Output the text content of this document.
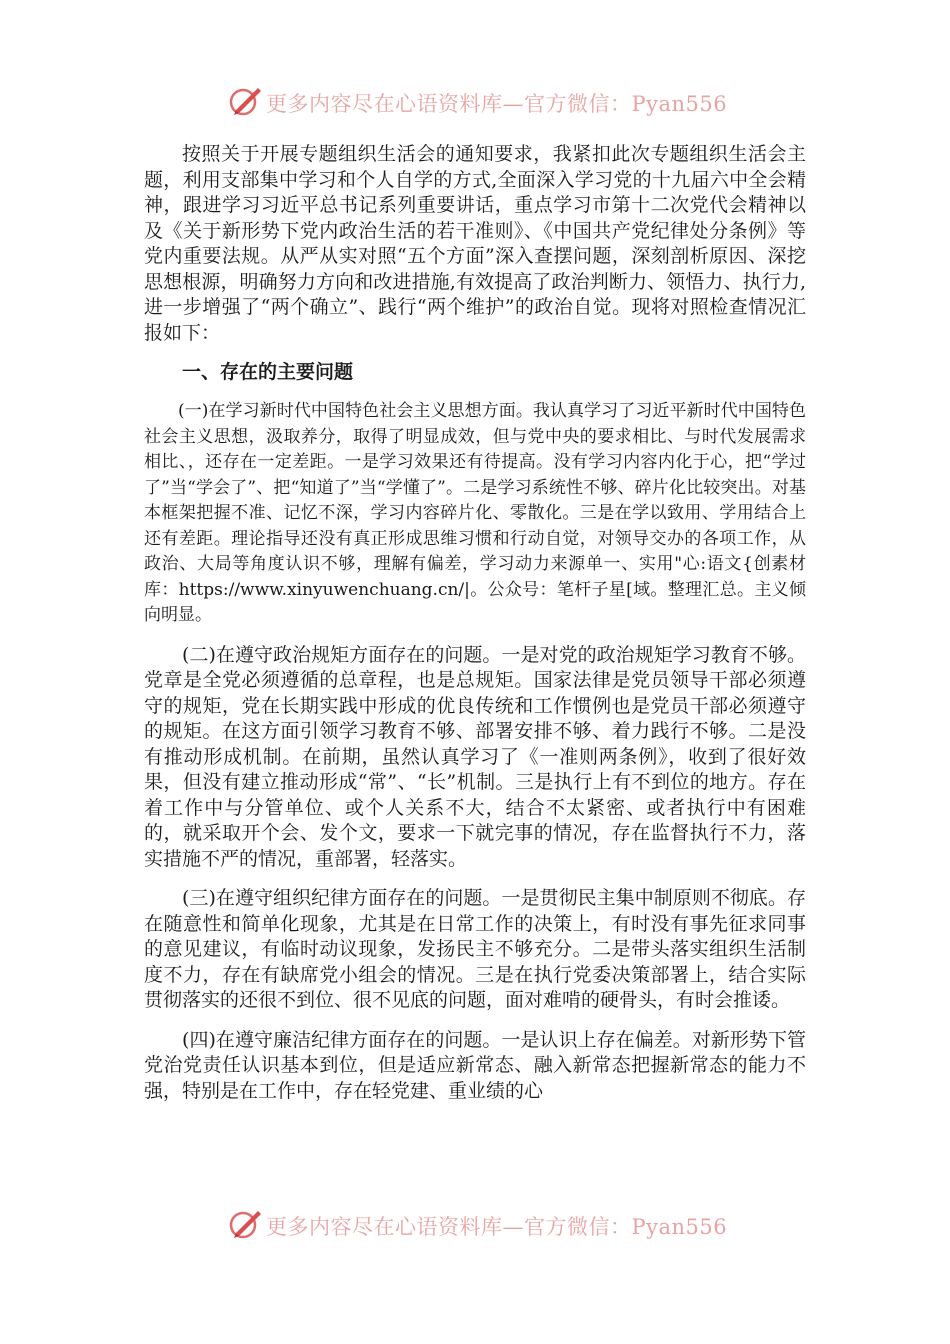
更多内容尽在心语资料库—官方微信：Pyan556

按照关于开展专题组织生活会的通知要求，我紧扣此次专题组织生活会主题，利用支部集中学习和个人自学的方式,全面深入学习党的十九届六中全会精神，跟进学习习近平总书记系列重要讲话，重点学习市第十二次党代会精神以及《关于新形势下党内政治生活的若干准则》、《中国共产党纪律处分条例》等党内重要法规。从严从实对照“五个方面”深入查摆问题，深刻剖析原因、深挖思想根源，明确努力方向和改进措施,有效提高了政治判断力、领悟力、执行力,进一步增强了“两个确立”、践行“两个维护”的政治自觉。现将对照检查情况汇报如下：

一、存在的主要问题

(一)在学习新时代中国特色社会主义思想方面。我认真学习了习近平新时代中国特色社会主义思想，汲取养分，取得了明显成效，但与党中央的要求相比、与时代发展需求相比、，还存在一定差距。一是学习效果还有待提高。没有学习内容内化于心，把“学过了”当“学会了”、把“知道了”当“学懂了”。二是学习系统性不够、碎片化比较突出。对基本框架把握不准、记忆不深，学习内容碎片化、零散化。三是在学以致用、学用结合上还有差距。理论指导还没有真正形成思维习惯和行动自觉，对领导交办的各项工作，从政治、大局等角度认识不够，理解有偏差，学习动力来源单一、实用"心:语文{创素材库：https://www.xinyuwenchuang.cn/|。公众号：笔杆子星[域。整理汇总。主义倾向明显。

(二)在遵守政治规矩方面存在的问题。一是对党的政治规矩学习教育不够。党章是全党必须遵循的总章程，也是总规矩。国家法律是党员领导干部必须遵守的规矩，党在长期实践中形成的优良传统和工作惯例也是党员干部必须遵守的规矩。在这方面引领学习教育不够、部署安排不够、着力践行不够。二是没有推动形成机制。在前期，虽然认真学习了《一准则两条例》，收到了很好效果，但没有建立推动形成“常”、“长”机制。三是执行上有不到位的地方。存在着工作中与分管单位、或个人关系不大，结合不太紧密、或者执行中有困难的，就采取开个会、发个文，要求一下就完事的情况，存在监督执行不力，落实措施不严的情况，重部署，轻落实。

(三)在遵守组织纪律方面存在的问题。一是贯彻民主集中制原则不彻底。存在随意性和简单化现象，尤其是在日常工作的决策上，有时没有事先征求同事的意见建议，有临时动议现象，发扬民主不够充分。二是带头落实组织生活制度不力，存在有缺席党小组会的情况。三是在执行党委决策部署上，结合实际贯彻落实的还很不到位、很不见底的问题，面对难啃的硬骨头，有时会推诿。

(四)在遵守廉洁纪律方面存在的问题。一是认识上存在偏差。对新形势下管党治党责任认识基本到位，但是适应新常态、融入新常态把握新常态的能力不强，特别是在工作中，存在轻党建、重业绩的心

更多内容尽在心语资料库—官方微信：Pyan556
